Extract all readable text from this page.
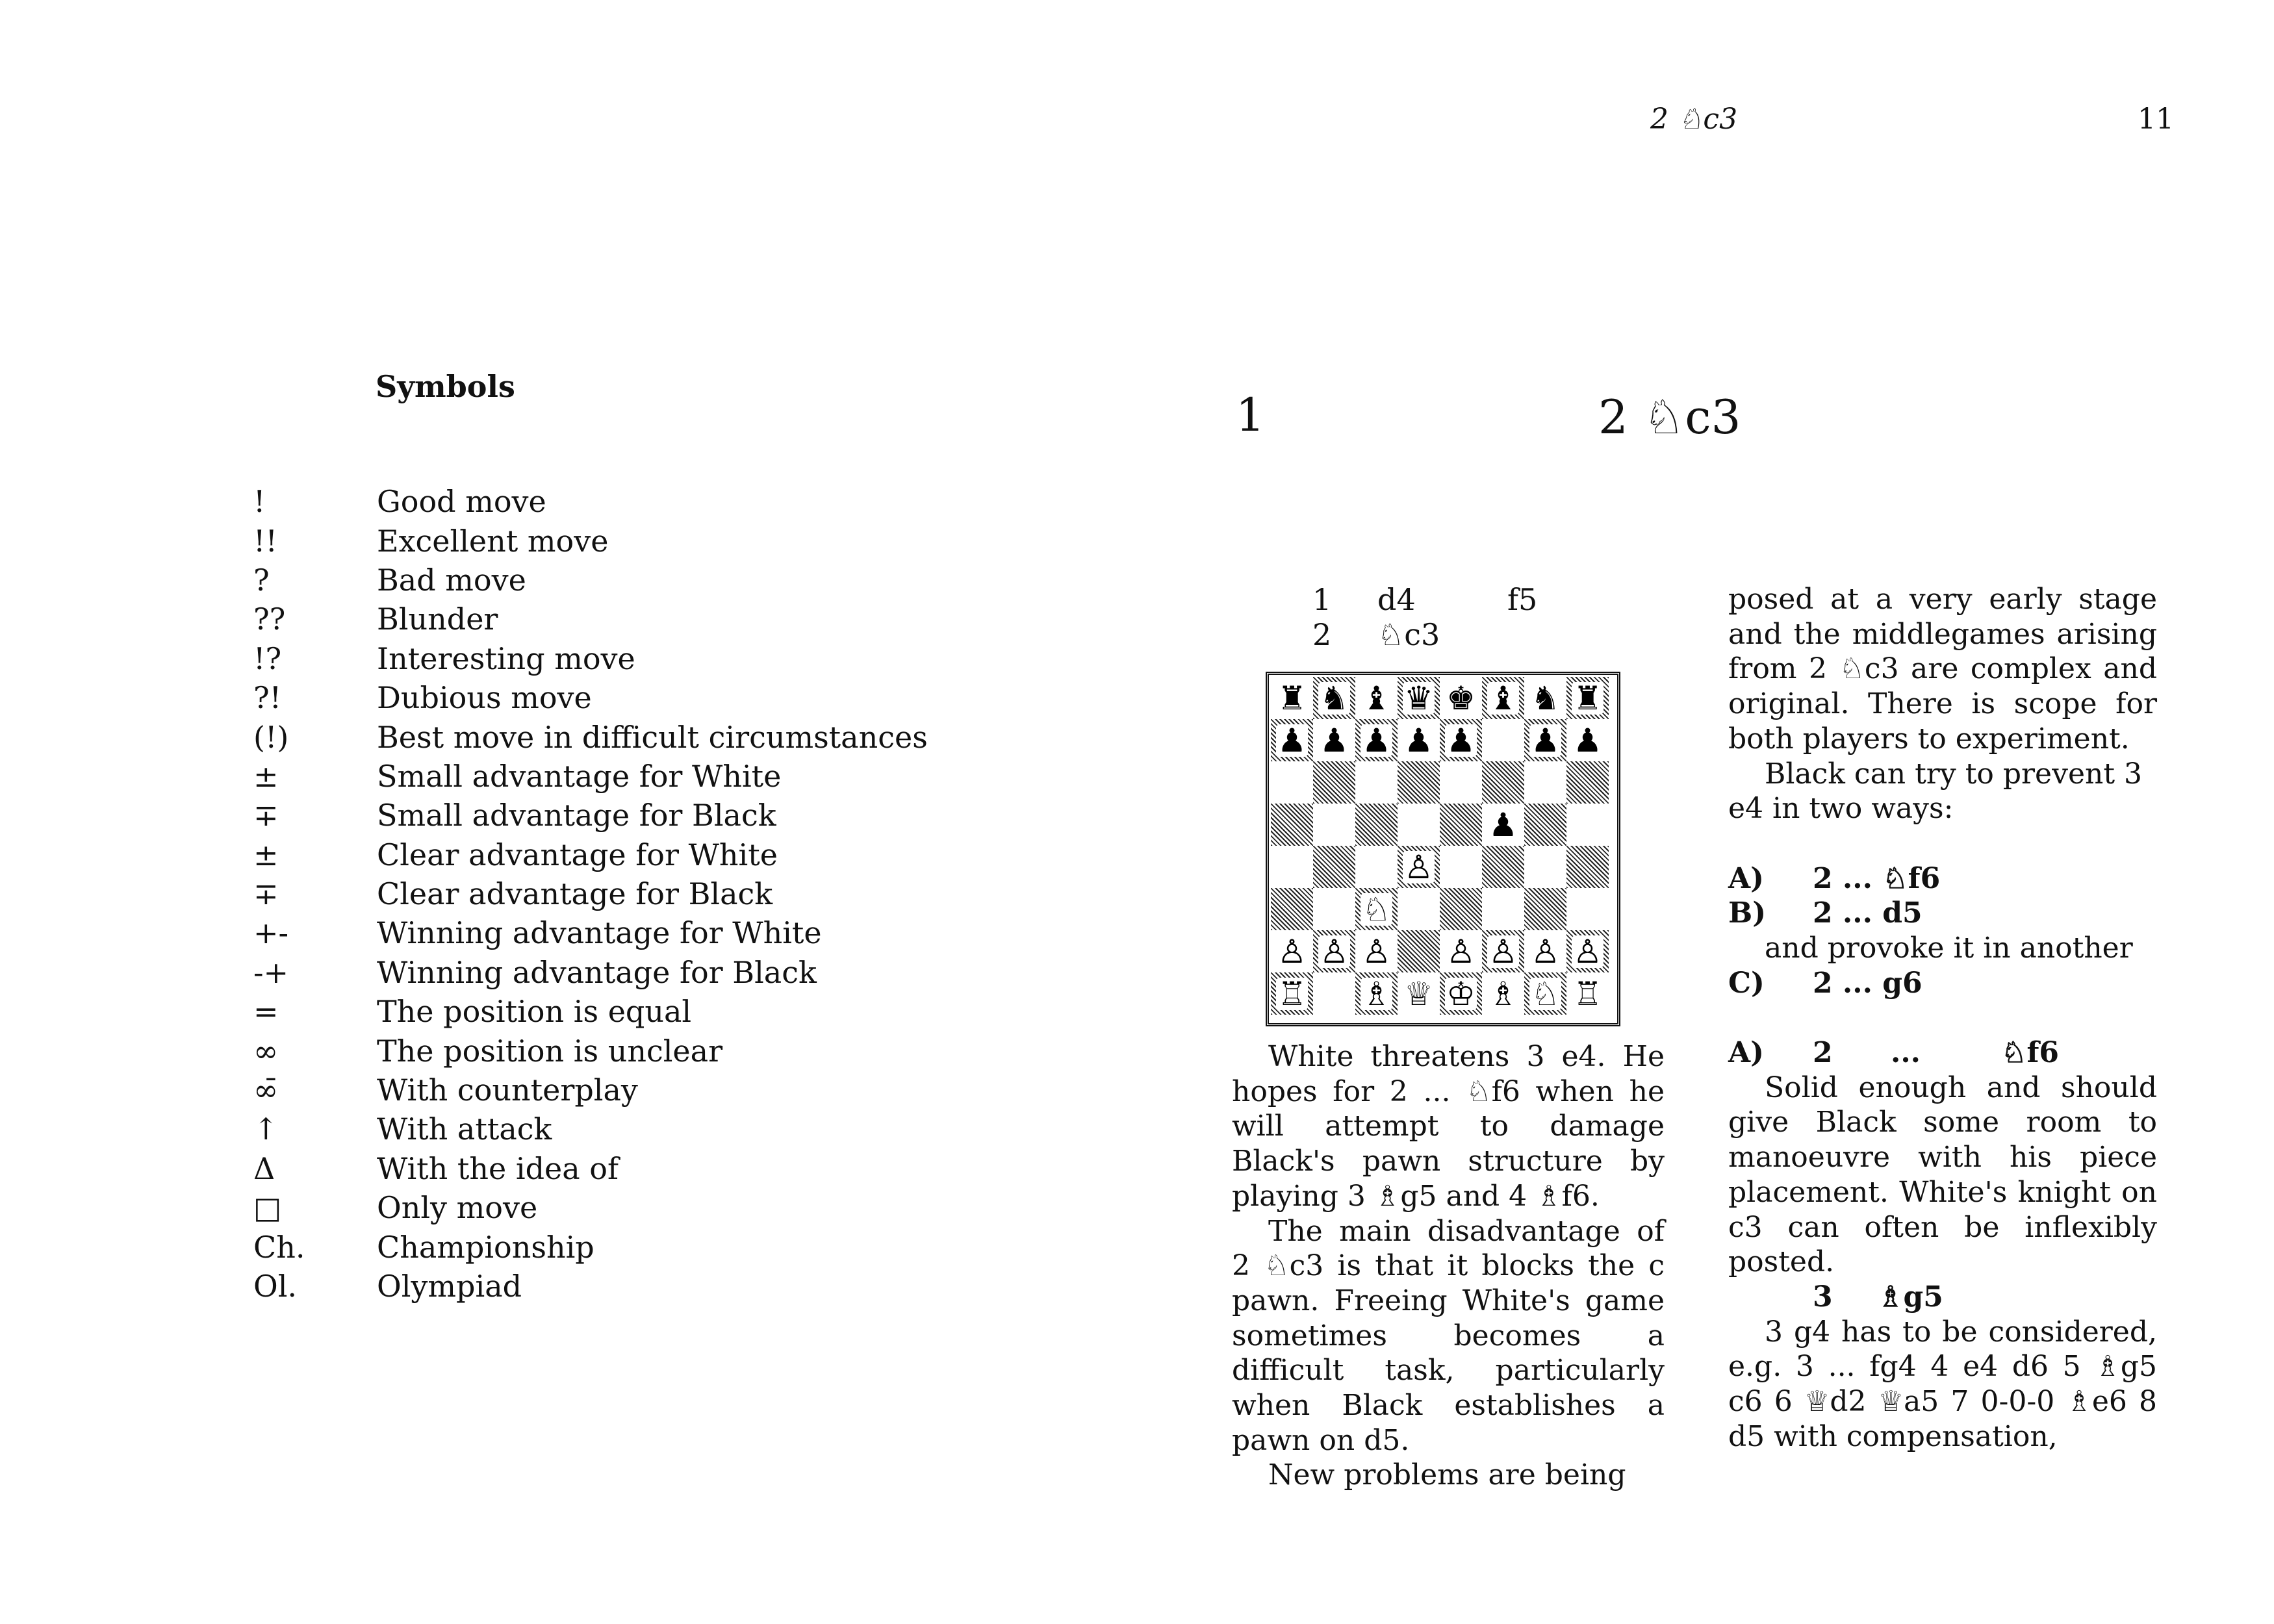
2 ♘c3	11
Symbols
!	Good move
!!	Excellent move
?	Bad move
??	Blunder
!?	Interesting move
?!	Dubious move
(!)	Best move in difficult circumstances
±	Small advantage for White
∓	Small advantage for Black
±	Clear advantage for White
∓	Clear advantage for Black
+-	Winning advantage for White
-+	Winning advantage for Black
=	The position is equal
∞	The position is unclear
∞̄	With counterplay
↑	With attack
Δ	With the idea of
□	Only move
Ch.	Championship
Ol.	Olympiad
1	2 ♘c3
1	d4	f5
2	♘c3
♜ ♞ ♝ ♛ ♚ ♝ ♞ ♜
♟ ♟ ♟ ♟ ♟ ♟ ♟
♟
♙
♘
♙ ♙ ♙ ♙ ♙ ♙ ♙
♖ ♗ ♕ ♔ ♗ ♘ ♖

White threatens 3 e4. He hopes for 2 ... ♘f6 when he will attempt to damage Black's pawn structure by playing 3 ♗g5 and 4 ♗f6.

The main disadvantage of 2 ♘c3 is that it blocks the c pawn. Freeing White's game sometimes becomes a difficult task, particularly when Black establishes a pawn on d5.

New problems are being

posed at a very early stage and the middlegames arising from 2 ♘c3 are complex and original. There is scope for both players to experiment.

Black can try to prevent 3 e4 in two ways:

A)	2 ... ♘f6
B)	2 ... d5

and provoke it in another

C)	2 ... g6
A)	2	...	♘f6

Solid enough and should give Black some room to manoeuvre with his piece placement. White's knight on c3 can often be inflexibly posted.

3	♗g5

3 g4 has to be considered, e.g. 3 ... fg4 4 e4 d6 5 ♗g5 c6 6 ♕d2 ♕a5 7 0-0-0 ♗e6 8 d5 with compensation,
